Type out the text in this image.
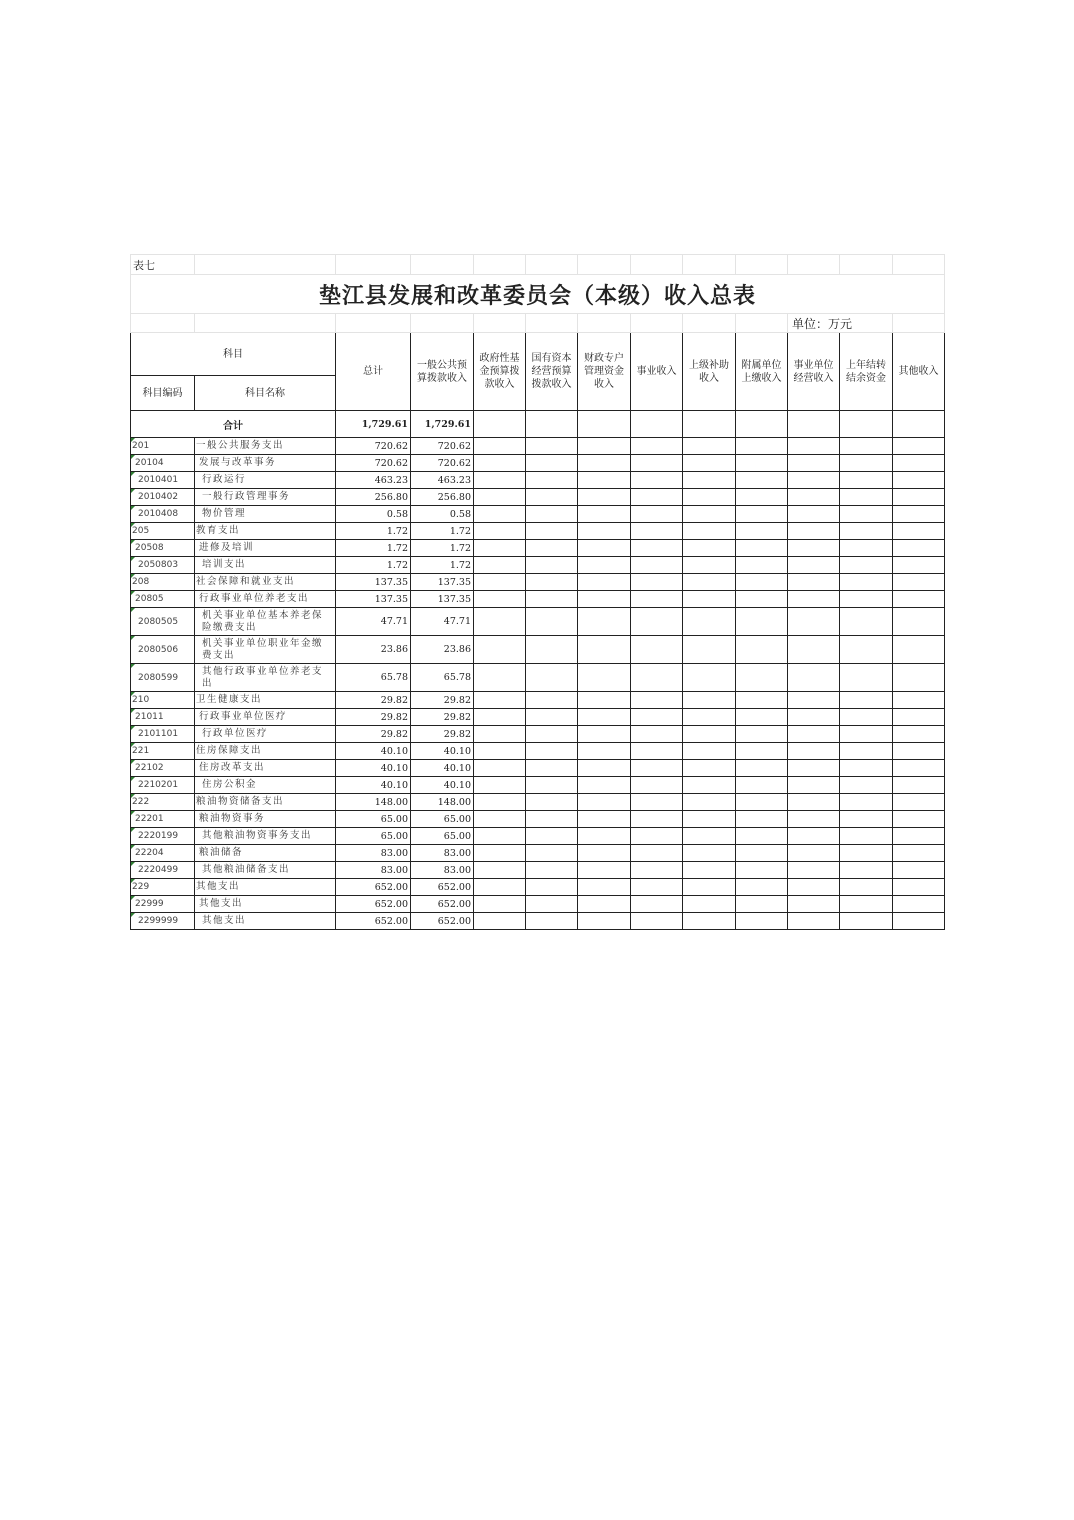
表七												
垫江县发展和改革委员会（本级）收入总表												
										单位：万元		
科目		总计	一般公共预算拨款收入	政府性基金预算拨款收入	国有资本经营预算拨款收入	财政专户管理资金收入	事业收入	上级补助收入	附属单位上缴收入	事业单位经营收入	上年结转结余资金	其他收入
科目编码	科目名称											
合计		1,729.61	1,729.61									
201	一般公共服务支出	720.62	720.62									
20104	发展与改革事务	720.62	720.62									
2010401	行政运行	463.23	463.23									
2010402	一般行政管理事务	256.80	256.80									
2010408	物价管理	0.58	0.58									
205	教育支出	1.72	1.72									
20508	进修及培训	1.72	1.72									
2050803	培训支出	1.72	1.72									
208	社会保障和就业支出	137.35	137.35									
20805	行政事业单位养老支出	137.35	137.35									
2080505	机关事业单位基本养老保险缴费支出	47.71	47.71									
2080506	机关事业单位职业年金缴费支出	23.86	23.86									
2080599	其他行政事业单位养老支出	65.78	65.78									
210	卫生健康支出	29.82	29.82									
21011	行政事业单位医疗	29.82	29.82									
2101101	行政单位医疗	29.82	29.82									
221	住房保障支出	40.10	40.10									
22102	住房改革支出	40.10	40.10									
2210201	住房公积金	40.10	40.10									
222	粮油物资储备支出	148.00	148.00									
22201	粮油物资事务	65.00	65.00									
2220199	其他粮油物资事务支出	65.00	65.00									
22204	粮油储备	83.00	83.00									
2220499	其他粮油储备支出	83.00	83.00									
229	其他支出	652.00	652.00									
22999	其他支出	652.00	652.00									
2299999	其他支出	652.00	652.00									
